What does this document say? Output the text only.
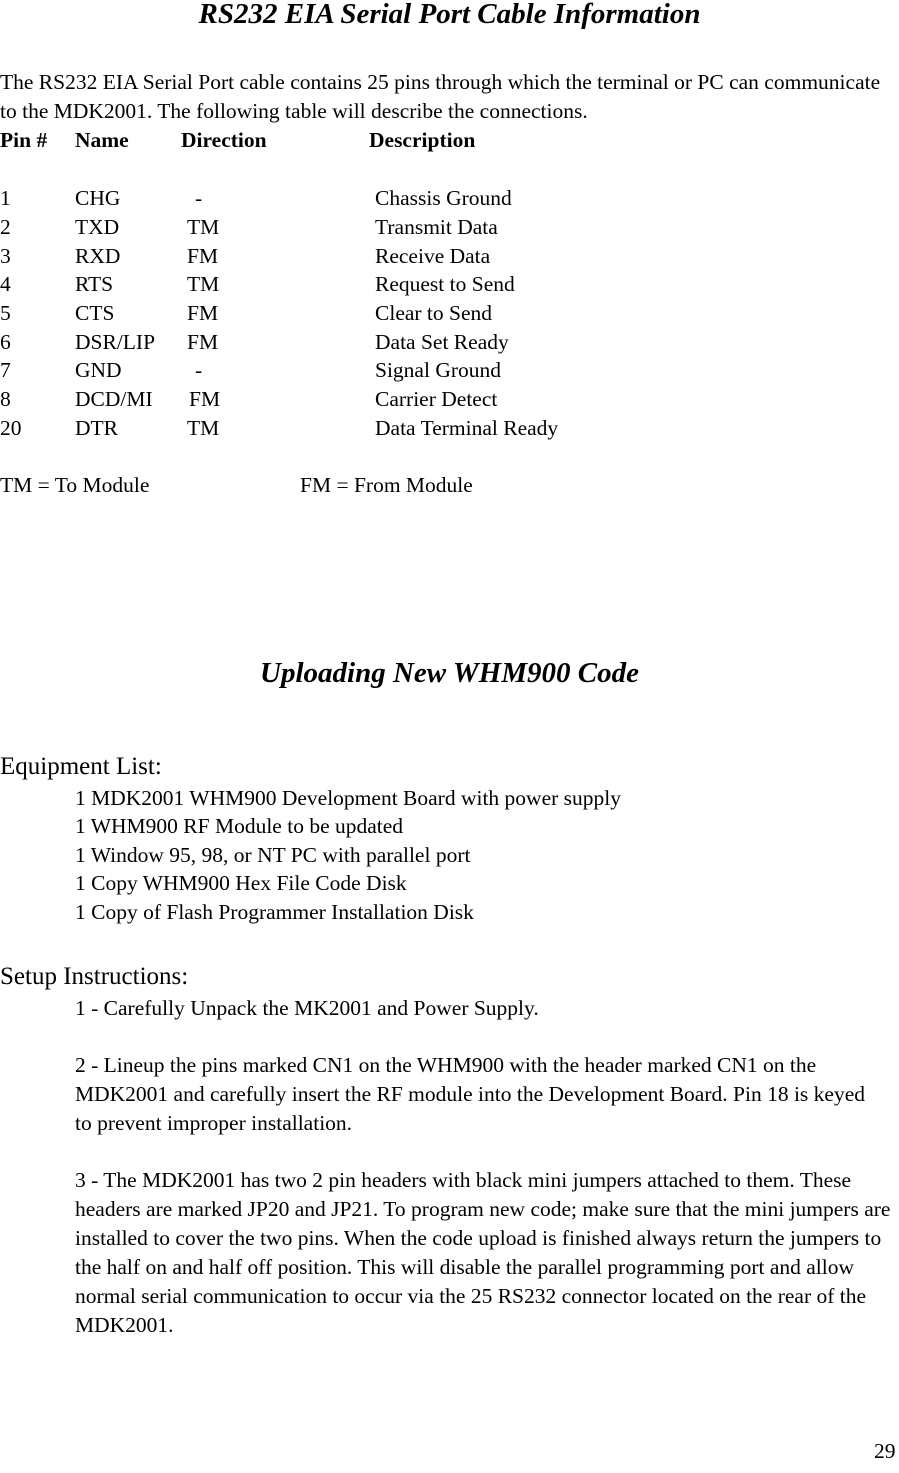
RS232 EIA Serial Port Cable Information
The RS232 EIA Serial Port cable contains 25 pins through which the terminal or PC can communicate to the MDK2001. The following table will describe the connections.
Pin # Name Direction	Description
1	CHG	-	Chassis Ground
2	TXD	TM	Transmit Data
3	RXD	FM	Receive Data
4	RTS	TM	Request to Send
5	CTS	FM	Clear to Send
6	DSR/LIP FM	Data Set Ready
7	GND	-	Signal Ground
8	DCD/MI FM	Carrier Detect
20 DTR	TM	Data Terminal Ready
TM = To Module	FM = From Module
Uploading New WHM900 Code
Equipment List:
1 MDK2001 WHM900 Development Board with power supply
1 WHM900 RF Module to be updated
1 Window 95, 98, or NT PC with parallel port
1 Copy WHM900 Hex File Code Disk
1 Copy of Flash Programmer Installation Disk
Setup Instructions:
1 - Carefully Unpack the MK2001 and Power Supply.
2 - Lineup the pins marked CN1 on the WHM900 with the header marked CN1 on the MDK2001 and carefully insert the RF module into the Development Board. Pin 18 is keyed to prevent improper installation.
3 - The MDK2001 has two 2 pin headers with black mini jumpers attached to them. These headers are marked JP20 and JP21. To program new code; make sure that the mini jumpers are installed to cover the two pins. When the code upload is finished always return the jumpers to the half on and half off position. This will disable the parallel programming port and allow normal serial communication to occur via the 25 RS232 connector located on the rear of the MDK2001.
29
